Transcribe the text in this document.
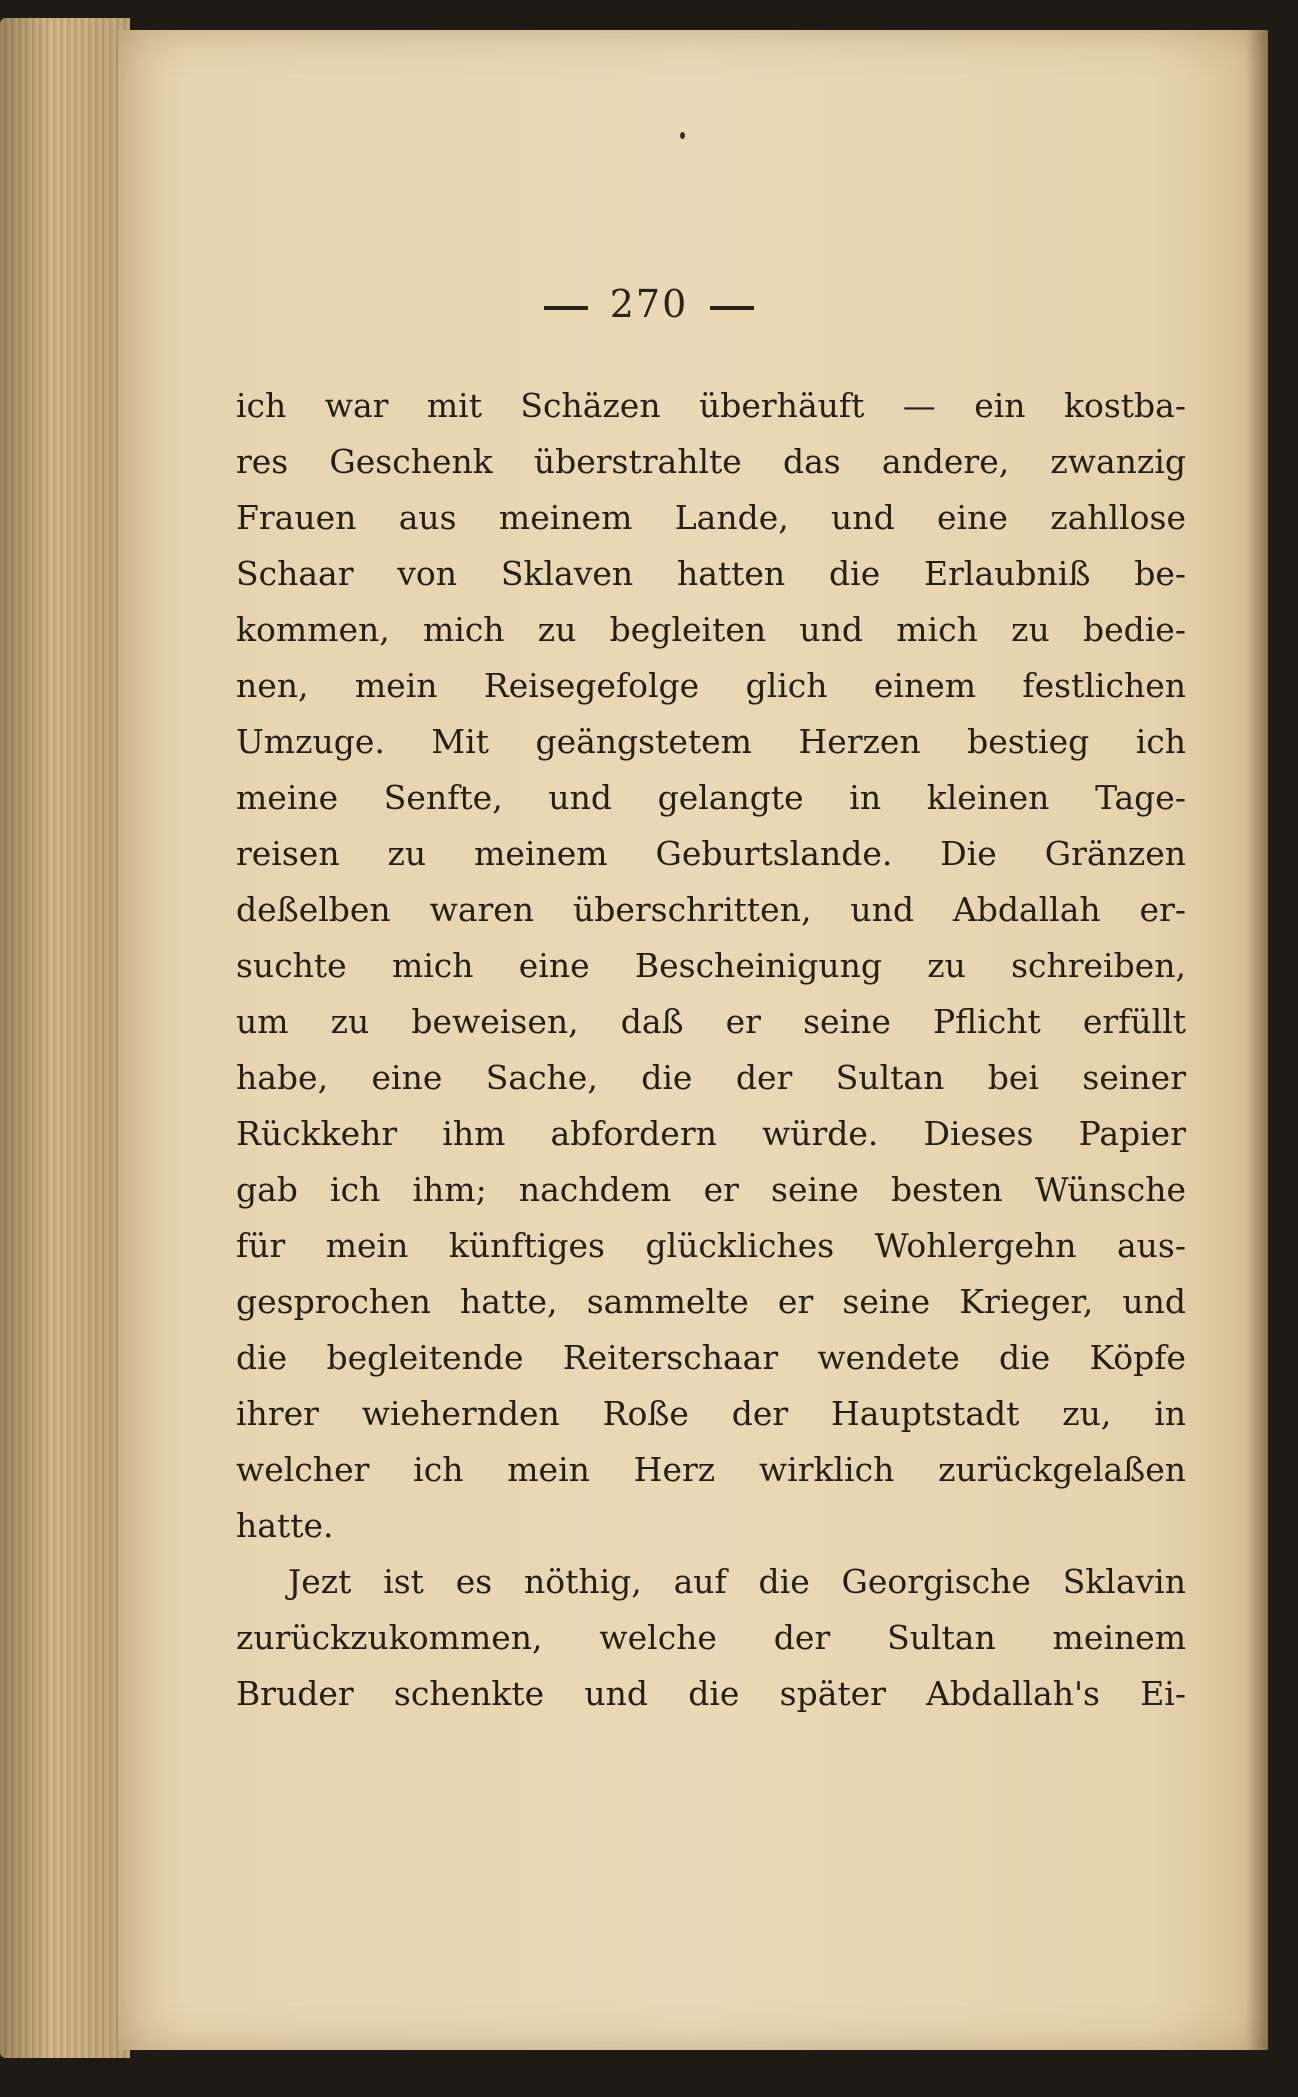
270
ich war mit Schäzen überhäuft — ein kostba-
res Geschenk überstrahlte das andere, zwanzig
Frauen aus meinem Lande, und eine zahllose
Schaar von Sklaven hatten die Erlaubniß be-
kommen, mich zu begleiten und mich zu bedie-
nen, mein Reisegefolge glich einem festlichen
Umzuge. Mit geängstetem Herzen bestieg ich
meine Senfte, und gelangte in kleinen Tage-
reisen zu meinem Geburtslande. Die Gränzen
deßelben waren überschritten, und Abdallah er-
suchte mich eine Bescheinigung zu schreiben,
um zu beweisen, daß er seine Pflicht erfüllt
habe, eine Sache, die der Sultan bei seiner
Rückkehr ihm abfordern würde. Dieses Papier
gab ich ihm; nachdem er seine besten Wünsche
für mein künftiges glückliches Wohlergehn aus-
gesprochen hatte, sammelte er seine Krieger, und
die begleitende Reiterschaar wendete die Köpfe
ihrer wiehernden Roße der Hauptstadt zu, in
welcher ich mein Herz wirklich zurückgelaßen
hatte.
Jezt ist es nöthig, auf die Georgische Sklavin
zurückzukommen, welche der Sultan meinem
Bruder schenkte und die später Abdallah's Ei-
